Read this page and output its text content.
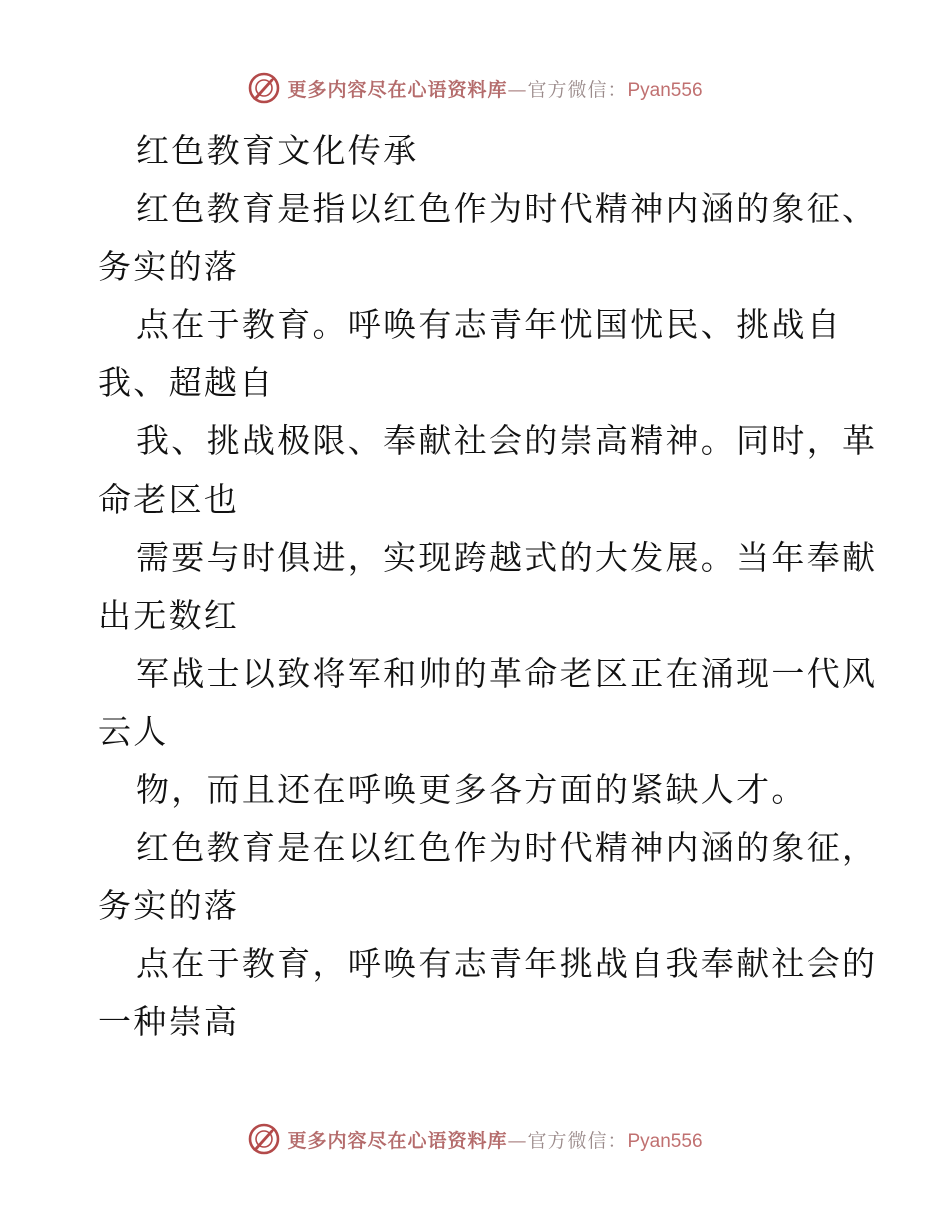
更多内容尽在心语资料库—官方微信：Pyan556
红色教育文化传承
红色教育是指以红色作为时代精神内涵的象征、
务实的落
点在于教育。呼唤有志青年忧国忧民、挑战自
我、超越自
我、挑战极限、奉献社会的崇高精神。同时，革
命老区也
需要与时俱进，实现跨越式的大发展。当年奉献
出无数红
军战士以致将军和帅的革命老区正在涌现一代风
云人
物，而且还在呼唤更多各方面的紧缺人才。
红色教育是在以红色作为时代精神内涵的象征，
务实的落
点在于教育，呼唤有志青年挑战自我奉献社会的
一种崇高
更多内容尽在心语资料库—官方微信：Pyan556
